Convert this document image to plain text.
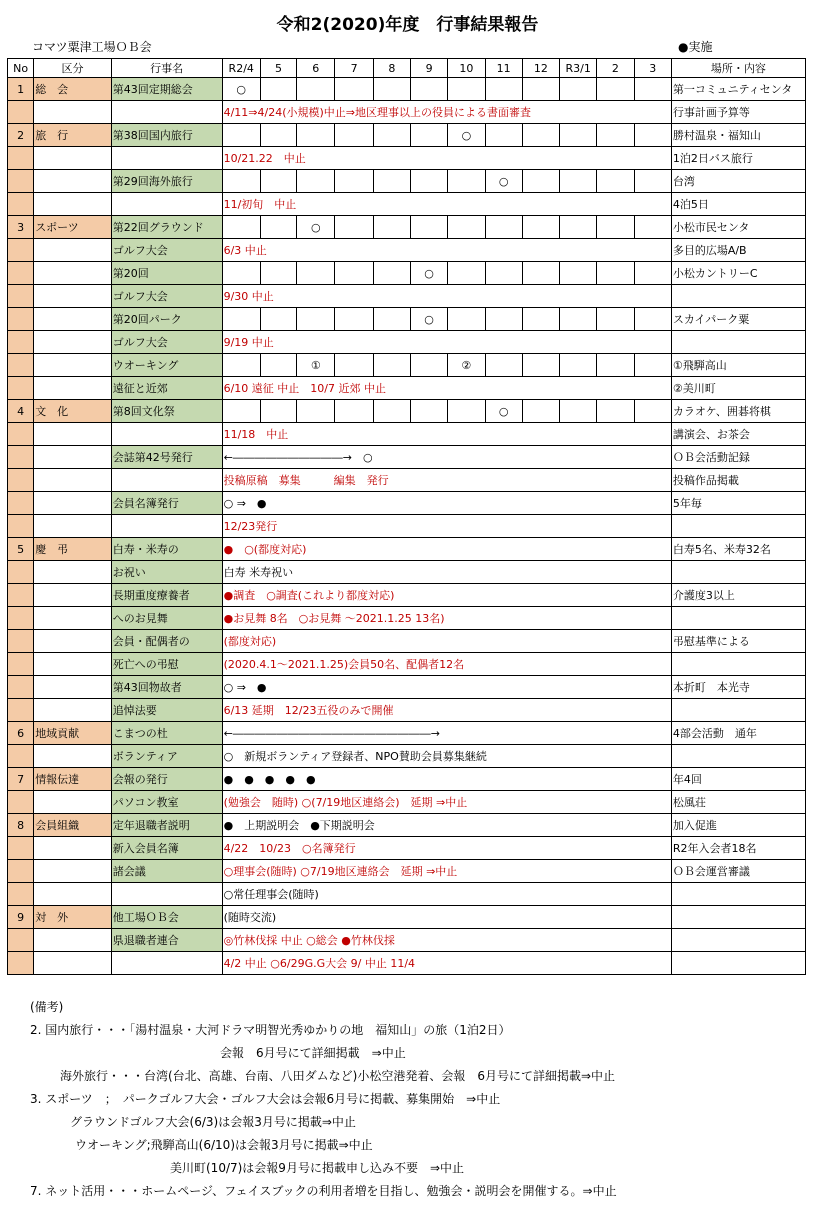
令和2(2020)年度　行事結果報告
コマツ粟津工場ＯＢ会	●実施
No	区分	行事名	R2/4	5	6	7	8	9	10	11	12	R3/1	2	3	場所・内容
1	総　会	第43回定期総会	○												第一コミュニティセンタ
			4/11⇒4/24(小規模)中止⇒地区理事以上の役員による書面審査												行事計画予算等
2	旅　行	第38回国内旅行							○						勝村温泉・福知山
			10/21.22　中止												1泊2日バス旅行
		第29回海外旅行								○					台湾
			11/初旬　中止												4泊5日
3	スポーツ	第22回グラウンド			○										小松市民センタ
		ゴルフ大会	6/3 中止												多目的広場A/B
		第20回						○							小松カントリーC
		ゴルフ大会	9/30 中止												
		第20回パーク						○							スカイパーク粟
		ゴルフ大会	9/19 中止												
		ウオーキング			①				②						①飛騨高山
		遠征と近郊	6/10 遠征 中止　10/7 近郊 中止												②美川町
4	文　化	第8回文化祭								○					カラオケ、囲碁将棋
			11/18　中止												講演会、お茶会
		会誌第42号発行	←――――――――――→　○												ＯＢ会活動記録
			投稿原稿　募集　　　編集　発行												投稿作品掲載
		会員名簿発行	○ ⇒　●												5年毎
			12/23発行												
5	慶　弔	白寿・米寿の	●　○(都度対応)												白寿5名、米寿32名
		お祝い	白寿 米寿祝い												
		長期重度療養者	●調査　○調査(これより都度対応)												介護度3以上
		へのお見舞	●お見舞 8名　○お見舞 ～2021.1.25 13名)												
		会員・配偶者の	(都度対応)												弔慰基準による
		死亡への弔慰	(2020.4.1～2021.1.25)会員50名、配偶者12名												
		第43回物故者	○ ⇒　●												本折町　本光寺
		追悼法要	6/13 延期　12/23五役のみで開催												
6	地域貢献	こまつの杜	←――――――――――――――――――→												4部会活動　通年
		ボランティア	○　新規ボランティア登録者、NPO賛助会員募集継続												
7	情報伝達	会報の発行	●　●　●　●　●												年4回
		パソコン教室	(勉強会　随時) ○(7/19地区連絡会)　延期 ⇒中止												松風荘
8	会員組織	定年退職者説明	●　上期説明会　●下期説明会												加入促進
		新入会員名簿	4/22　10/23　○名簿発行												R2年入会者18名
		諸会議	○理事会(随時) ○7/19地区連絡会　延期 ⇒中止												ＯＢ会運営審議
			○常任理事会(随時)												
9	対　外	他工場ＯＢ会	(随時交流)												
		県退職者連合	◎竹林伐採 中止 ○総会 ●竹林伐採												
			4/2 中止 ○6/29G.G大会 9/ 中止 11/4												
(備考)
2. 国内旅行・・・「湯村温泉・大河ドラマ明智光秀ゆかりの地　福知山」の旅（1泊2日）
会報　6月号にて詳細掲載　⇒中止
海外旅行・・・台湾(台北、高雄、台南、八田ダムなど)小松空港発着、会報　6月号にて詳細掲載⇒中止
3. スポーツ　；　パークゴルフ大会・ゴルフ大会は会報6月号に掲載、募集開始　⇒中止
グラウンドゴルフ大会(6/3)は会報3月号に掲載⇒中止
ウオーキング;飛騨高山(6/10)は会報3月号に掲載⇒中止
美川町(10/7)は会報9月号に掲載申し込み不要　⇒中止
7. ネット活用・・・ホームページ、フェイスブックの利用者増を目指し、勉強会・説明会を開催する。⇒中止
